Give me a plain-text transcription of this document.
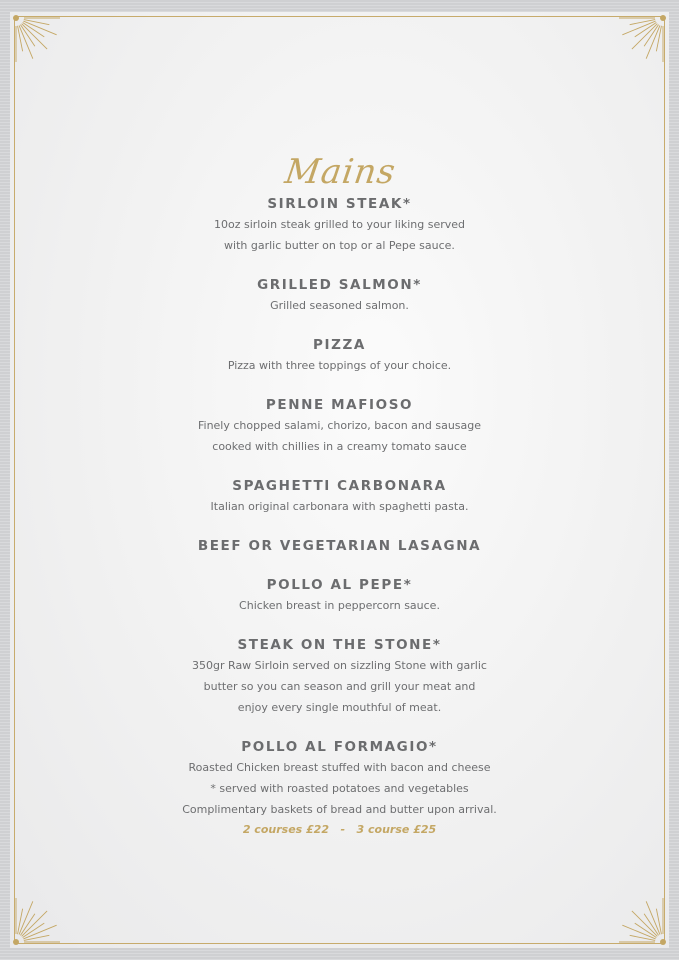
Mains
SIRLOIN STEAK*
10oz sirloin steak grilled to your liking served
with garlic butter on top or al Pepe sauce.
GRILLED SALMON*
Grilled seasoned salmon.
PIZZA
Pizza with three toppings of your choice.
PENNE MAFIOSO
Finely chopped salami, chorizo, bacon and sausage
cooked with chillies in a creamy tomato sauce
SPAGHETTI CARBONARA
Italian original carbonara with spaghetti pasta.
BEEF OR VEGETARIAN LASAGNA
POLLO AL PEPE*
Chicken breast in peppercorn sauce.
STEAK ON THE STONE*
350gr Raw Sirloin served on sizzling Stone with garlic
butter so you can season and grill your meat and
enjoy every single mouthful of meat.
POLLO AL FORMAGIO*
Roasted Chicken breast stuffed with bacon and cheese
* served with roasted potatoes and vegetables
Complimentary baskets of bread and butter upon arrival.
2 courses £22   -   3 course £25
